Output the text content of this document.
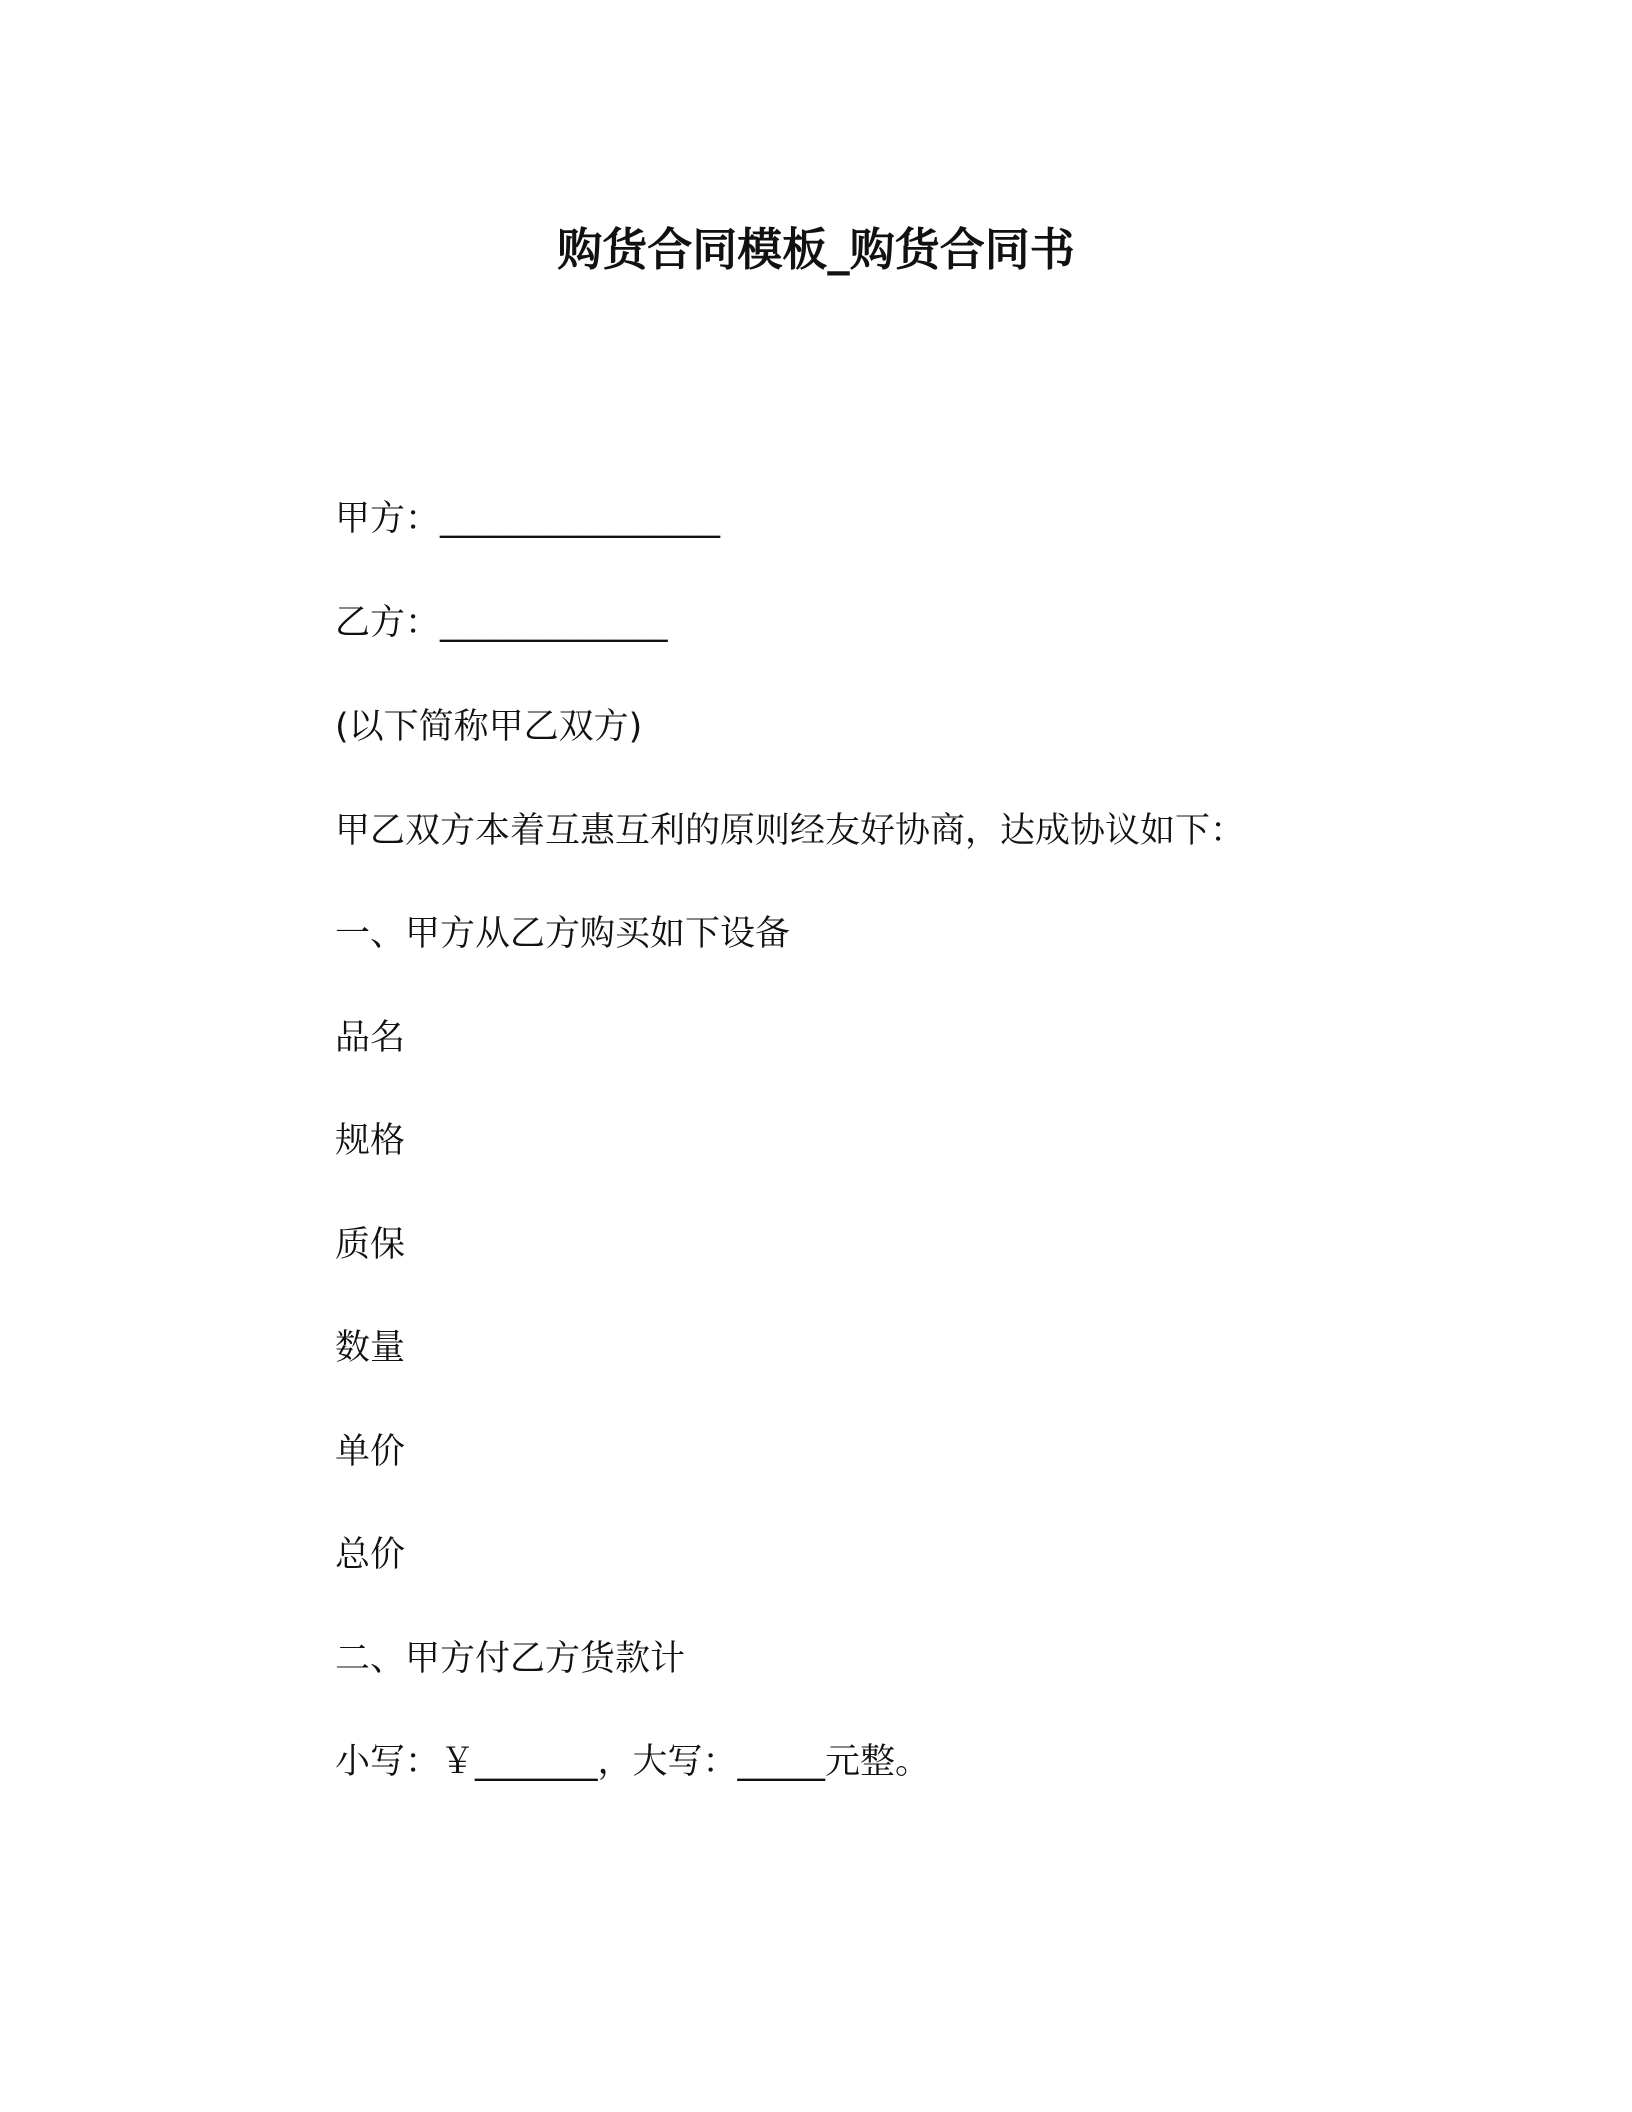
购货合同模板_购货合同书

甲方：________________

乙方：_____________

(以下简称甲乙双方)

甲乙双方本着互惠互利的原则经友好协商，达成协议如下：

一、甲方从乙方购买如下设备

品名

规格

质保

数量

单价

总价

二、甲方付乙方货款计

小写：￥_______，大写：_____元整。
